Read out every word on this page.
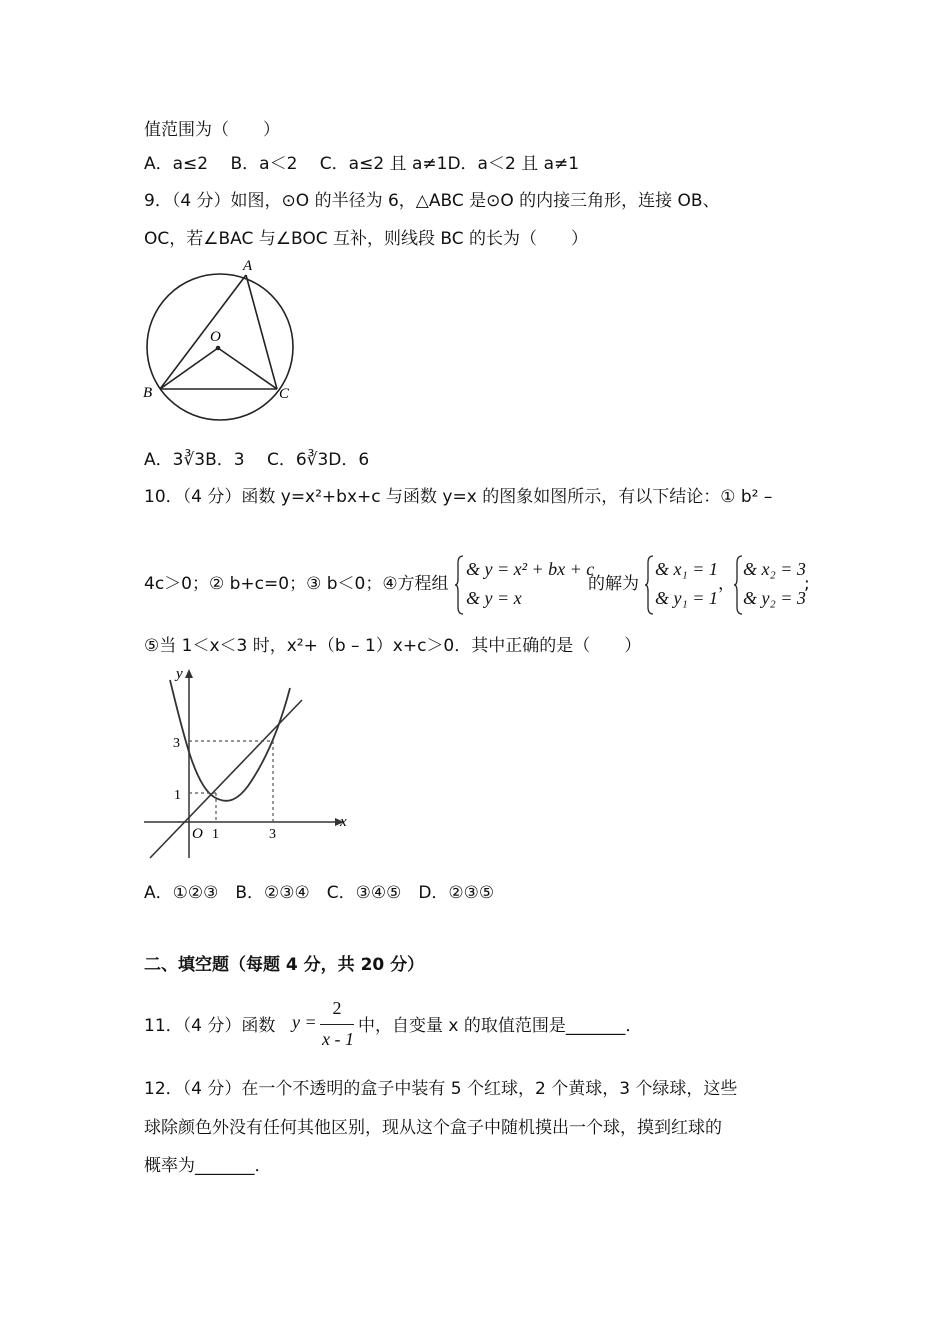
值范围为（　　）
A．a≤2　 B．a＜2　 C．a≤2 且 a≠1D．a＜2 且 a≠1
9．（4 分）如图，⊙O 的半径为 6，△ABC 是⊙O 的内接三角形，连接 OB、
OC，若∠BAC 与∠BOC 互补，则线段 BC 的长为（　　）
A
O
B	C
A．3∛3B．3　 C．6∛3D．6
10．（4 分）函数 y=x²+bx+c 与函数 y=x 的图象如图所示，有以下结论：① b² –
4c＞0；② b+c=0；③ b＜0；④方程组
& y = x² + bx + c
& y = x
的解为
& x₁ = 1
& y₁ = 1
，
& x₂ = 3
& y₂ = 3
;
⑤当 1＜x＜3 时，x²+（b – 1）x+c＞0．其中正确的是（　　）
y
x
O 1	3
1
3
A．①②③　B．②③④　C．③④⑤　D．②③⑤
二、填空题（每题 4 分，共 20 分）
11．（4 分）函数 y =
2
x - 1
中，自变量 x 的取值范围是_______．
12．（4 分）在一个不透明的盒子中装有 5 个红球，2 个黄球，3 个绿球，这些
球除颜色外没有任何其他区别，现从这个盒子中随机摸出一个球，摸到红球的
概率为_______．
